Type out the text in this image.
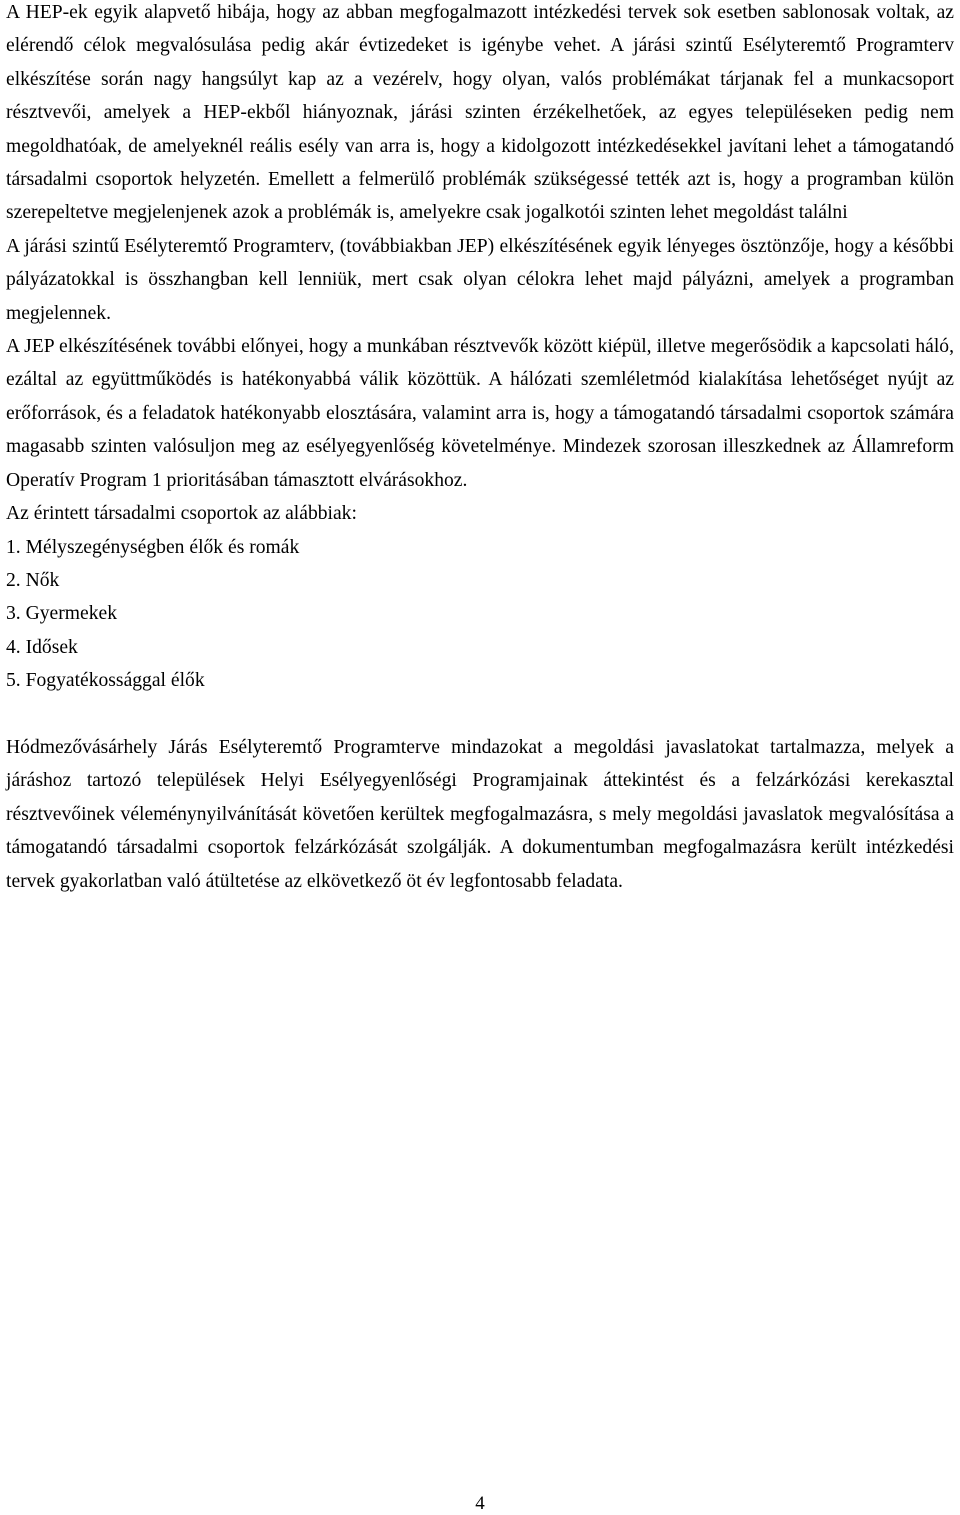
A HEP-ek egyik alapvető hibája, hogy az abban megfogalmazott intézkedési tervek sok esetben sablonosak voltak, az elérendő célok megvalósulása pedig akár évtizedeket is igénybe vehet. A járási szintű Esélyteremtő Programterv elkészítése során nagy hangsúlyt kap az a vezérelv, hogy olyan, valós problémákat tárjanak fel a munkacsoport résztvevői, amelyek a HEP-ekből hiányoznak, járási szinten érzékelhetőek, az egyes településeken pedig nem megoldhatóak, de amelyeknél reális esély van arra is, hogy a kidolgozott intézkedésekkel javítani lehet a támogatandó társadalmi csoportok helyzetén. Emellett a felmerülő problémák szükségessé tették azt is, hogy a programban külön szerepeltetve megjelenjenek azok a problémák is, amelyekre csak jogalkotói szinten lehet megoldást találni

A járási szintű Esélyteremtő Programterv, (továbbiakban JEP) elkészítésének egyik lényeges ösztönzője, hogy a későbbi pályázatokkal is összhangban kell lenniük, mert csak olyan célokra lehet majd pályázni, amelyek a programban megjelennek.

A JEP elkészítésének további előnyei, hogy a munkában résztvevők között kiépül, illetve megerősödik a kapcsolati háló, ezáltal az együttműködés is hatékonyabbá válik közöttük. A hálózati szemléletmód kialakítása lehetőséget nyújt az erőforrások, és a feladatok hatékonyabb elosztására, valamint arra is, hogy a támogatandó társadalmi csoportok számára magasabb szinten valósuljon meg az esélyegyenlőség követelménye. Mindezek szorosan illeszkednek az Államreform Operatív Program 1 prioritásában támasztott elvárásokhoz.

Az érintett társadalmi csoportok az alábbiak:

1. Mélyszegénységben élők és romák
2. Nők
3. Gyermekek
4. Idősek
5. Fogyatékossággal élők

Hódmezővásárhely Járás Esélyteremtő Programterve mindazokat a megoldási javaslatokat tartalmazza, melyek a járáshoz tartozó települések Helyi Esélyegyenlőségi Programjainak áttekintést és a felzárkózási kerekasztal résztvevőinek véleménynyilvánítását követően kerültek megfogalmazásra, s mely megoldási javaslatok megvalósítása a támogatandó társadalmi csoportok felzárkózását szolgálják. A dokumentumban megfogalmazásra került intézkedési tervek gyakorlatban való átültetése az elkövetkező öt év legfontosabb feladata.

4
